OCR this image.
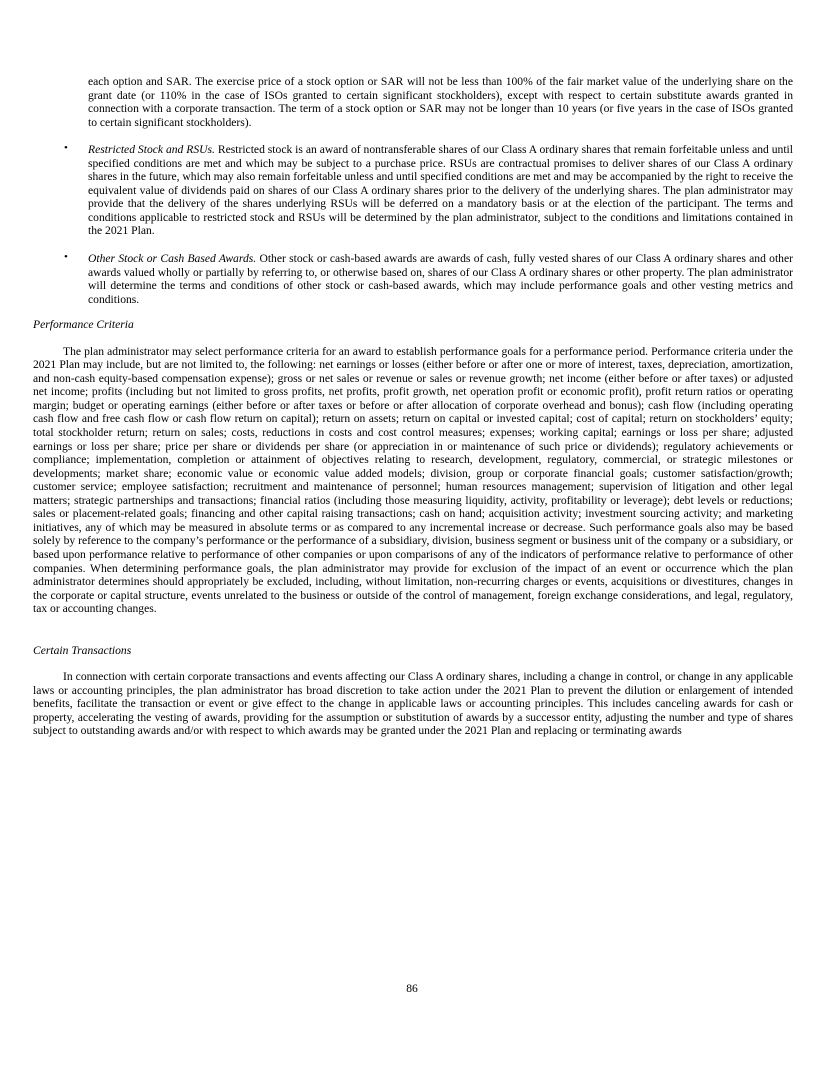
each option and SAR. The exercise price of a stock option or SAR will not be less than 100% of the fair market value of the underlying share on the grant date (or 110% in the case of ISOs granted to certain significant stockholders), except with respect to certain substitute awards granted in connection with a corporate transaction. The term of a stock option or SAR may not be longer than 10 years (or five years in the case of ISOs granted to certain significant stockholders).

• Restricted Stock and RSUs. Restricted stock is an award of nontransferable shares of our Class A ordinary shares that remain forfeitable unless and until specified conditions are met and which may be subject to a purchase price. RSUs are contractual promises to deliver shares of our Class A ordinary shares in the future, which may also remain forfeitable unless and until specified conditions are met and may be accompanied by the right to receive the equivalent value of dividends paid on shares of our Class A ordinary shares prior to the delivery of the underlying shares. The plan administrator may provide that the delivery of the shares underlying RSUs will be deferred on a mandatory basis or at the election of the participant. The terms and conditions applicable to restricted stock and RSUs will be determined by the plan administrator, subject to the conditions and limitations contained in the 2021 Plan.

• Other Stock or Cash Based Awards. Other stock or cash-based awards are awards of cash, fully vested shares of our Class A ordinary shares and other awards valued wholly or partially by referring to, or otherwise based on, shares of our Class A ordinary shares or other property. The plan administrator will determine the terms and conditions of other stock or cash-based awards, which may include performance goals and other vesting metrics and conditions.

Performance Criteria

The plan administrator may select performance criteria for an award to establish performance goals for a performance period. Performance criteria under the 2021 Plan may include, but are not limited to, the following: net earnings or losses (either before or after one or more of interest, taxes, depreciation, amortization, and non-cash equity-based compensation expense); gross or net sales or revenue or sales or revenue growth; net income (either before or after taxes) or adjusted net income; profits (including but not limited to gross profits, net profits, profit growth, net operation profit or economic profit), profit return ratios or operating margin; budget or operating earnings (either before or after taxes or before or after allocation of corporate overhead and bonus); cash flow (including operating cash flow and free cash flow or cash flow return on capital); return on assets; return on capital or invested capital; cost of capital; return on stockholders’ equity; total stockholder return; return on sales; costs, reductions in costs and cost control measures; expenses; working capital; earnings or loss per share; adjusted earnings or loss per share; price per share or dividends per share (or appreciation in or maintenance of such price or dividends); regulatory achievements or compliance; implementation, completion or attainment of objectives relating to research, development, regulatory, commercial, or strategic milestones or developments; market share; economic value or economic value added models; division, group or corporate financial goals; customer satisfaction/growth; customer service; employee satisfaction; recruitment and maintenance of personnel; human resources management; supervision of litigation and other legal matters; strategic partnerships and transactions; financial ratios (including those measuring liquidity, activity, profitability or leverage); debt levels or reductions; sales or placement-related goals; financing and other capital raising transactions; cash on hand; acquisition activity; investment sourcing activity; and marketing initiatives, any of which may be measured in absolute terms or as compared to any incremental increase or decrease. Such performance goals also may be based solely by reference to the company’s performance or the performance of a subsidiary, division, business segment or business unit of the company or a subsidiary, or based upon performance relative to performance of other companies or upon comparisons of any of the indicators of performance relative to performance of other companies. When determining performance goals, the plan administrator may provide for exclusion of the impact of an event or occurrence which the plan administrator determines should appropriately be excluded, including, without limitation, non-recurring charges or events, acquisitions or divestitures, changes in the corporate or capital structure, events unrelated to the business or outside of the control of management, foreign exchange considerations, and legal, regulatory, tax or accounting changes.

Certain Transactions

In connection with certain corporate transactions and events affecting our Class A ordinary shares, including a change in control, or change in any applicable laws or accounting principles, the plan administrator has broad discretion to take action under the 2021 Plan to prevent the dilution or enlargement of intended benefits, facilitate the transaction or event or give effect to the change in applicable laws or accounting principles. This includes canceling awards for cash or property, accelerating the vesting of awards, providing for the assumption or substitution of awards by a successor entity, adjusting the number and type of shares subject to outstanding awards and/or with respect to which awards may be granted under the 2021 Plan and replacing or terminating awards

86
